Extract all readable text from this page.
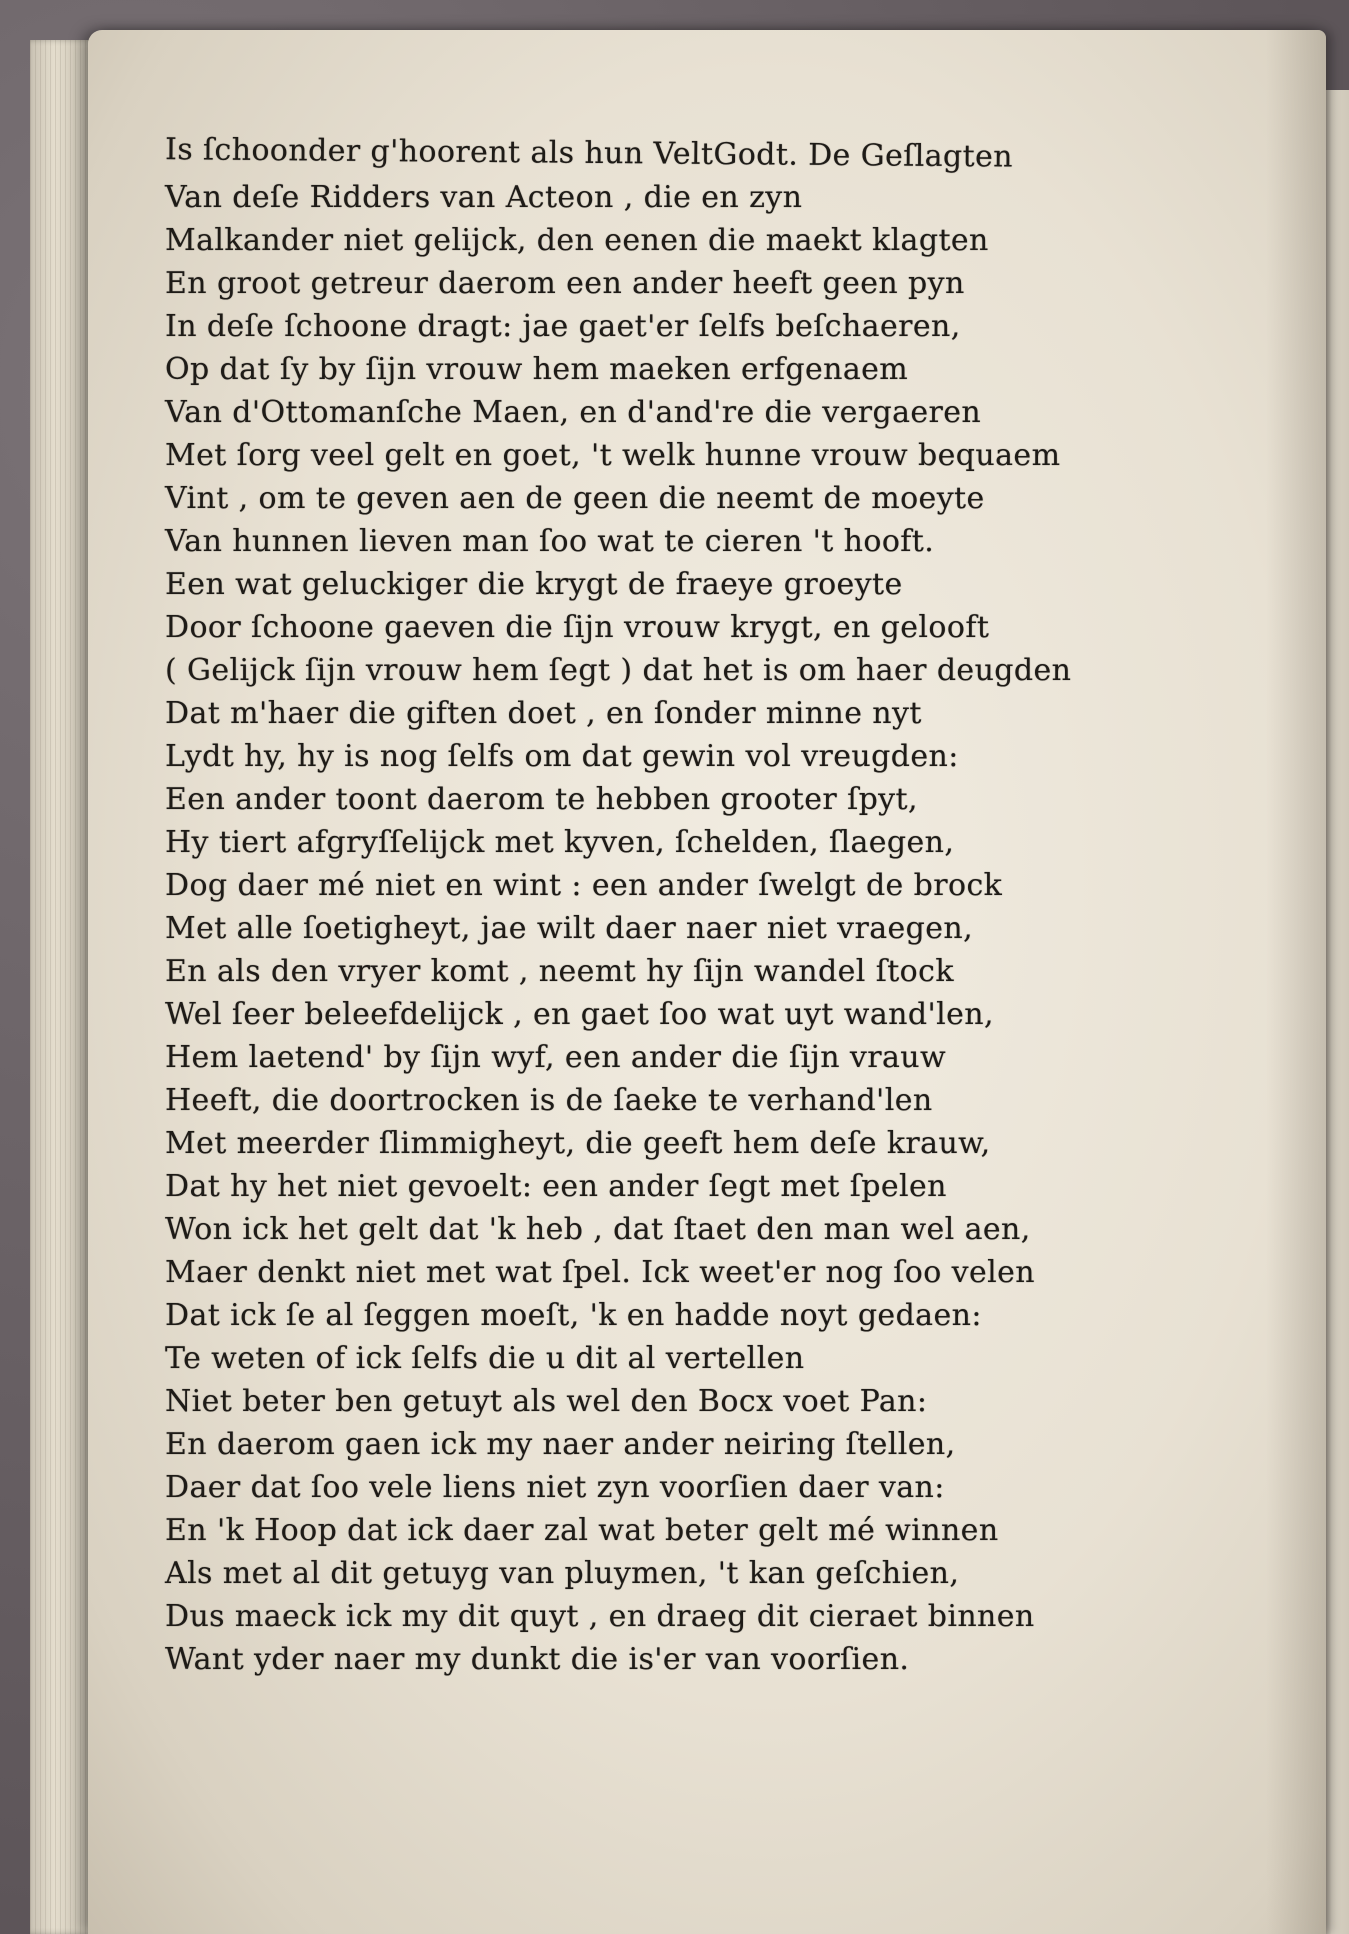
Is ſchoonder g'hoorent als hun VeltGodt. De Geſlagten
Van deſe Ridders van Acteon , die en zyn
Malkander niet gelijck, den eenen die maekt klagten
En groot getreur daerom een ander heeft geen pyn
In deſe ſchoone dragt: jae gaet'er ſelfs beſchaeren,
Op dat ſy by ſijn vrouw hem maeken erfgenaem
Van d'Ottomanſche Maen, en d'and're die vergaeren
Met ſorg veel gelt en goet, 't welk hunne vrouw bequaem
Vint , om te geven aen de geen die neemt de moeyte
Van hunnen lieven man ſoo wat te cieren 't hooft.
Een wat geluckiger die krygt de fraeye groeyte
Door ſchoone gaeven die ſijn vrouw krygt, en gelooft
( Gelijck ſijn vrouw hem ſegt ) dat het is om haer deugden
Dat m'haer die giften doet , en ſonder minne nyt
Lydt hy, hy is nog ſelfs om dat gewin vol vreugden:
Een ander toont daerom te hebben grooter ſpyt,
Hy tiert afgryſſelijck met kyven, ſchelden, ſlaegen,
Dog daer mé niet en wint : een ander ſwelgt de brock
Met alle ſoetigheyt, jae wilt daer naer niet vraegen,
En als den vryer komt , neemt hy ſijn wandel ſtock
Wel ſeer beleefdelijck , en gaet ſoo wat uyt wand'len,
Hem laetend' by ſijn wyf, een ander die ſijn vrauw
Heeft, die doortrocken is de ſaeke te verhand'len
Met meerder ſlimmigheyt, die geeft hem deſe krauw,
Dat hy het niet gevoelt: een ander ſegt met ſpelen
Won ick het gelt dat 'k heb , dat ſtaet den man wel aen,
Maer denkt niet met wat ſpel. Ick weet'er nog ſoo velen
Dat ick ſe al ſeggen moeſt, 'k en hadde noyt gedaen:
Te weten of ick ſelfs die u dit al vertellen
Niet beter ben getuyt als wel den Bocx voet Pan:
En daerom gaen ick my naer ander neiring ſtellen,
Daer dat ſoo vele liens niet zyn voorſien daer van:
En 'k Hoop dat ick daer zal wat beter gelt mé winnen
Als met al dit getuyg van pluymen, 't kan geſchien,
Dus maeck ick my dit quyt , en draeg dit cieraet binnen
Want yder naer my dunkt die is'er van voorſien.
